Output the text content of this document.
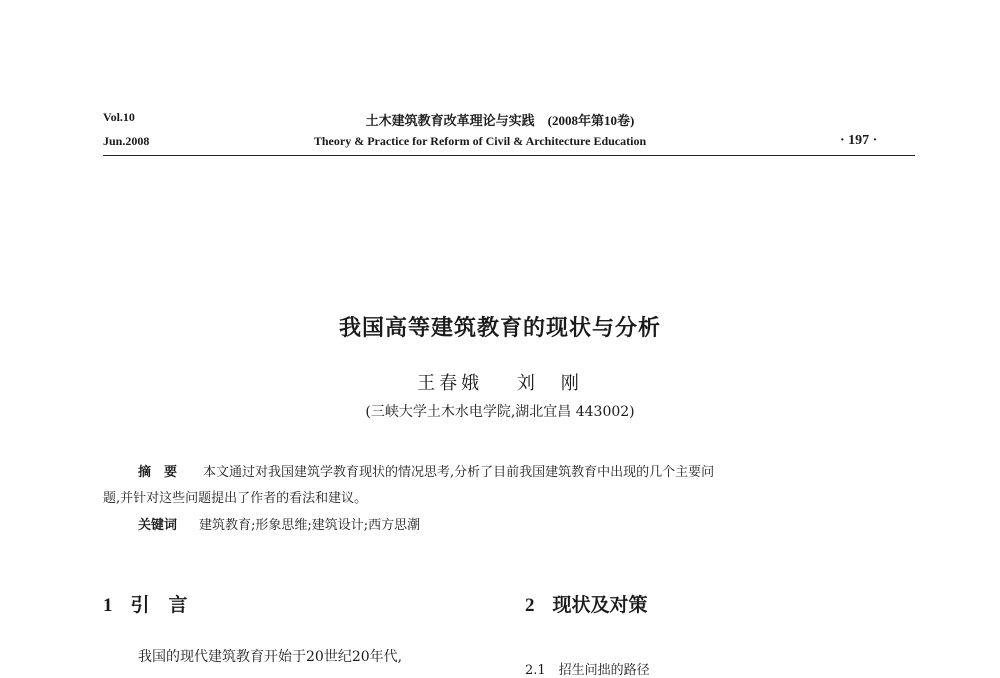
Vol.10
Jun.2008
土木建筑教育改革理论与实践　(2008年第10卷)
Theory & Practice for Reform of Civil & Architecture Education	· 197 ·
我国高等建筑教育的现状与分析
王春娥 刘　刚
(三峡大学土木水电学院,湖北宜昌 443002)
摘　要 本文通过对我国建筑学教育现状的情况思考,分析了目前我国建筑教育中出现的几个主要问
题,并针对这些问题提出了作者的看法和建议。
关键词 建筑教育;形象思维;建筑设计;西方思潮
1 引　言	2 现状及对策
我国的现代建筑教育开始于20世纪20年代,
2.1　招生问拙的路径
